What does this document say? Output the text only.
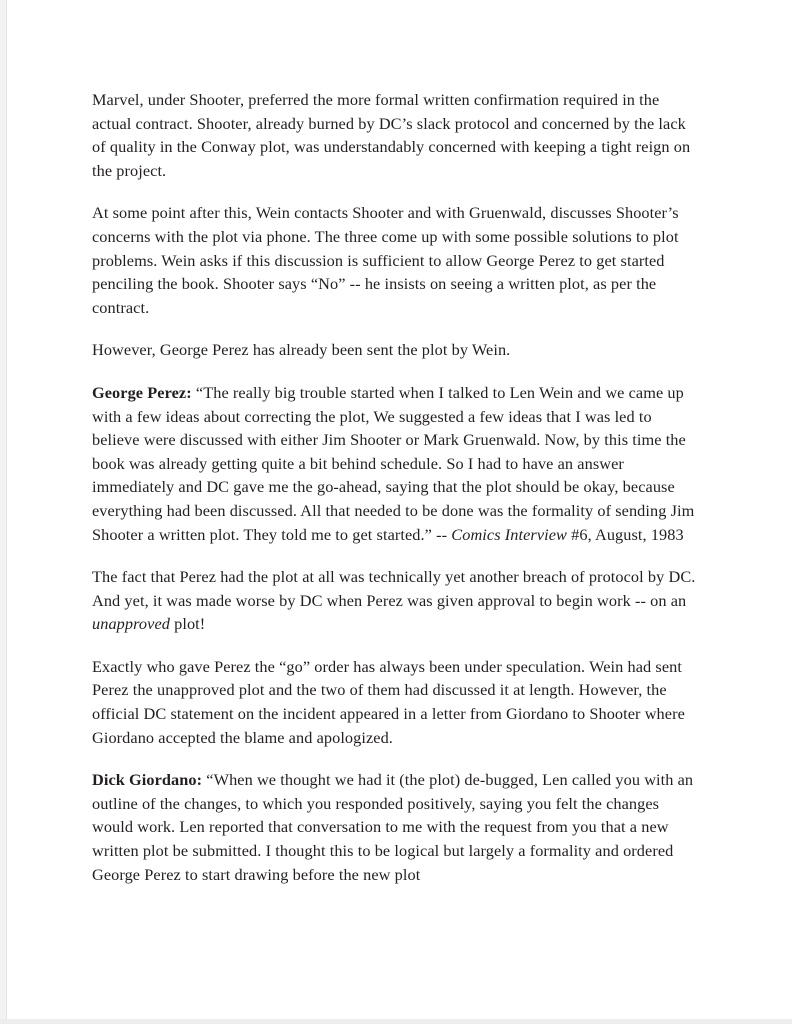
Marvel, under Shooter, preferred the more formal written confirmation required in the actual contract. Shooter, already burned by DC’s slack protocol and concerned by the lack of quality in the Conway plot, was understandably concerned with keeping a tight reign on the project.

At some point after this, Wein contacts Shooter and with Gruenwald, discusses Shooter’s concerns with the plot via phone. The three come up with some possible solutions to plot problems. Wein asks if this discussion is sufficient to allow George Perez to get started penciling the book. Shooter says “No” -- he insists on seeing a written plot, as per the contract.

However, George Perez has already been sent the plot by Wein.

George Perez: “The really big trouble started when I talked to Len Wein and we came up with a few ideas about correcting the plot, We suggested a few ideas that I was led to believe were discussed with either Jim Shooter or Mark Gruenwald. Now, by this time the book was already getting quite a bit behind schedule. So I had to have an answer immediately and DC gave me the go-ahead, saying that the plot should be okay, because everything had been discussed. All that needed to be done was the formality of sending Jim Shooter a written plot. They told me to get started.” -- Comics Interview #6, August, 1983

The fact that Perez had the plot at all was technically yet another breach of protocol by DC. And yet, it was made worse by DC when Perez was given approval to begin work -- on an unapproved plot!

Exactly who gave Perez the “go” order has always been under speculation. Wein had sent Perez the unapproved plot and the two of them had discussed it at length. However, the official DC statement on the incident appeared in a letter from Giordano to Shooter where Giordano accepted the blame and apologized.

Dick Giordano: “When we thought we had it (the plot) de-bugged, Len called you with an outline of the changes, to which you responded positively, saying you felt the changes would work. Len reported that conversation to me with the request from you that a new written plot be submitted. I thought this to be logical but largely a formality and ordered George Perez to start drawing before the new plot
